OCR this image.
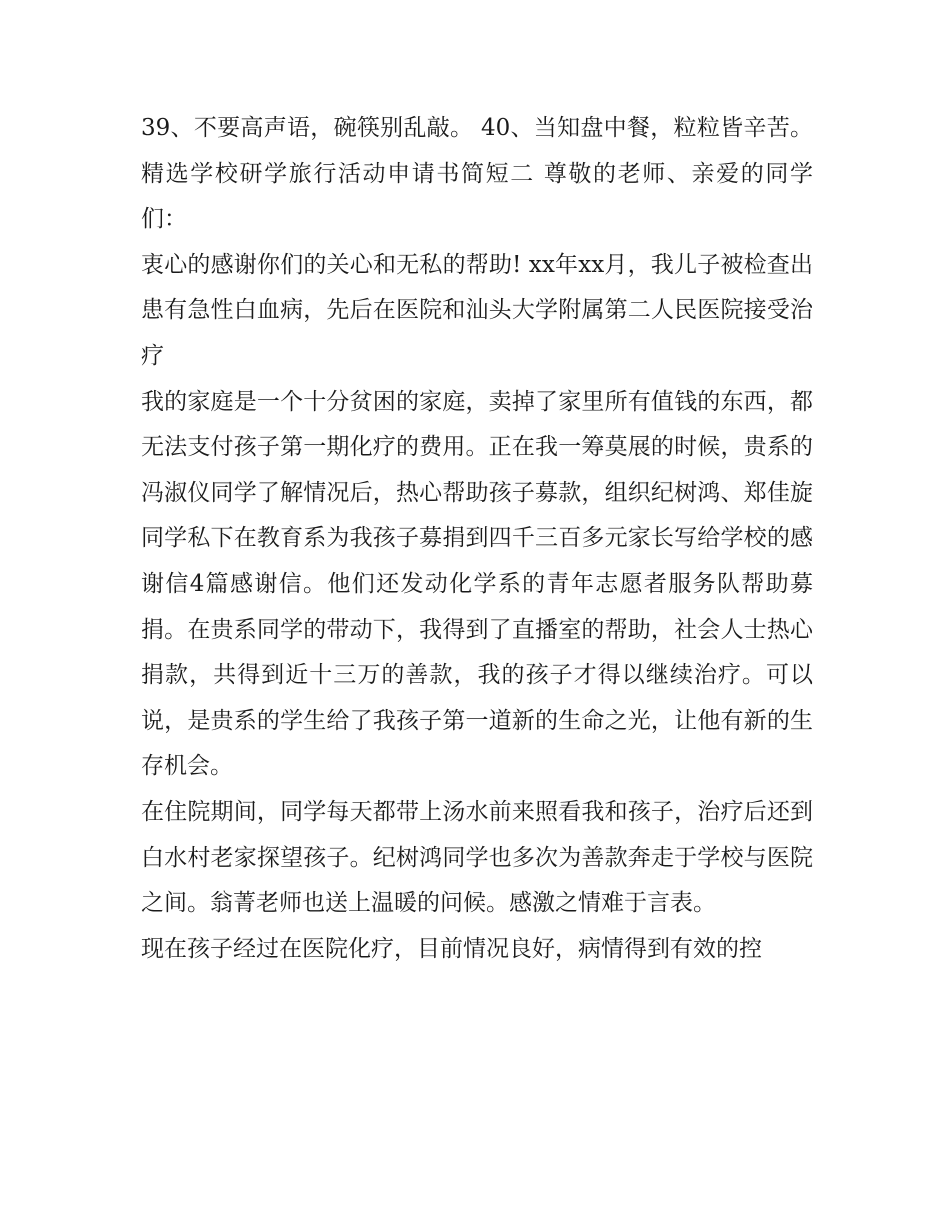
39、不要高声语，碗筷别乱敲。 40、当知盘中餐，粒粒皆辛苦。 精选学校研学旅行活动申请书简短二 尊敬的老师、亲爱的同学们：

衷心的感谢你们的关心和无私的帮助! xx年xx月，我儿子被检查出患有急性白血病，先后在医院和汕头大学附属第二人民医院接受治疗

我的家庭是一个十分贫困的家庭，卖掉了家里所有值钱的东西，都无法支付孩子第一期化疗的费用。正在我一筹莫展的时候，贵系的冯淑仪同学了解情况后，热心帮助孩子募款，组织纪树鸿、郑佳旋同学私下在教育系为我孩子募捐到四千三百多元家长写给学校的感谢信4篇感谢信。他们还发动化学系的青年志愿者服务队帮助募捐。在贵系同学的带动下，我得到了直播室的帮助，社会人士热心捐款，共得到近十三万的善款，我的孩子才得以继续治疗。可以说，是贵系的学生给了我孩子第一道新的生命之光，让他有新的生存机会。

在住院期间，同学每天都带上汤水前来照看我和孩子，治疗后还到白水村老家探望孩子。纪树鸿同学也多次为善款奔走于学校与医院之间。翁菁老师也送上温暖的问候。感激之情难于言表。

现在孩子经过在医院化疗，目前情况良好，病情得到有效的控
